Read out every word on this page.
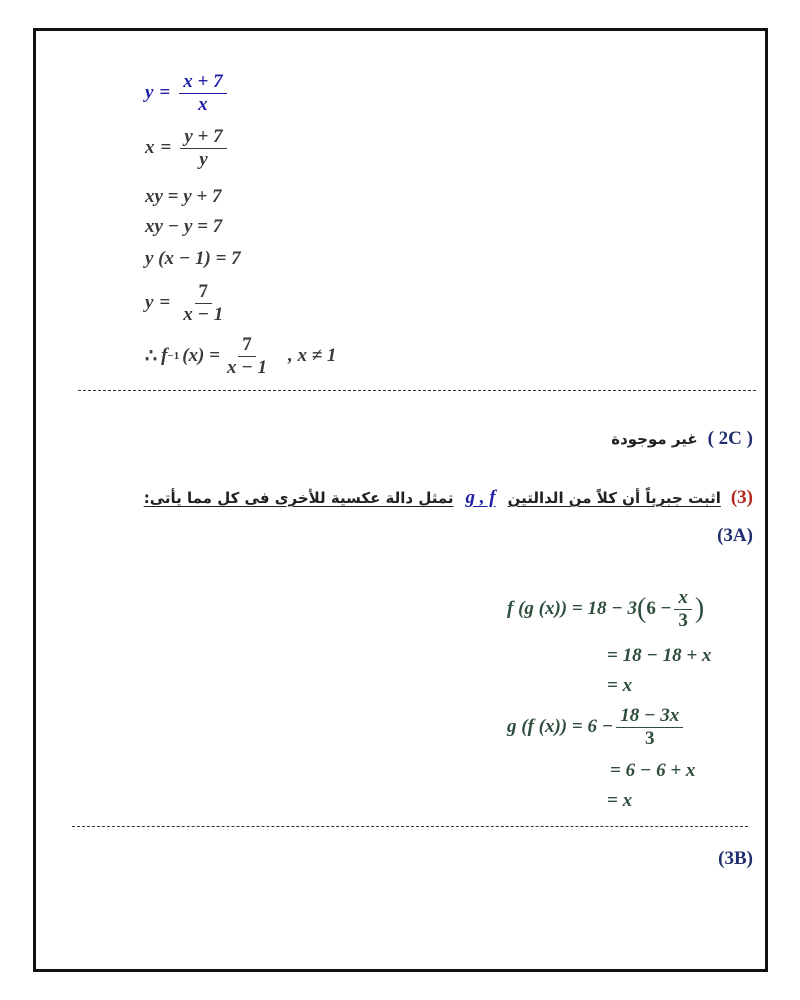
$y = \frac{x + 7}{x}$
$x = \frac{y + 7}{y}$
xy = y + 7
xy − y = 7
y (x − 1) = 7
$y = \frac{7}{x - 1}$
∴ f −1 $(x) = \frac{7}{x - 1}$ , x ≠ 1
( 2C ) غير موجودة
(3) اثبت جبرياً أن كلاً من الدالتين g , f تمثل دالة عكسية للأخرى فى كل مما يأتى:
(3A)
f (g (x)) = 18 − 3 ( $6 - \frac{x}{3}$ )
= 18 − 18 + x
= x
g (f $(x)) = 6 - \frac{18 - 3x}{3}$
= 6 − 6 + x
= x
(3B)
